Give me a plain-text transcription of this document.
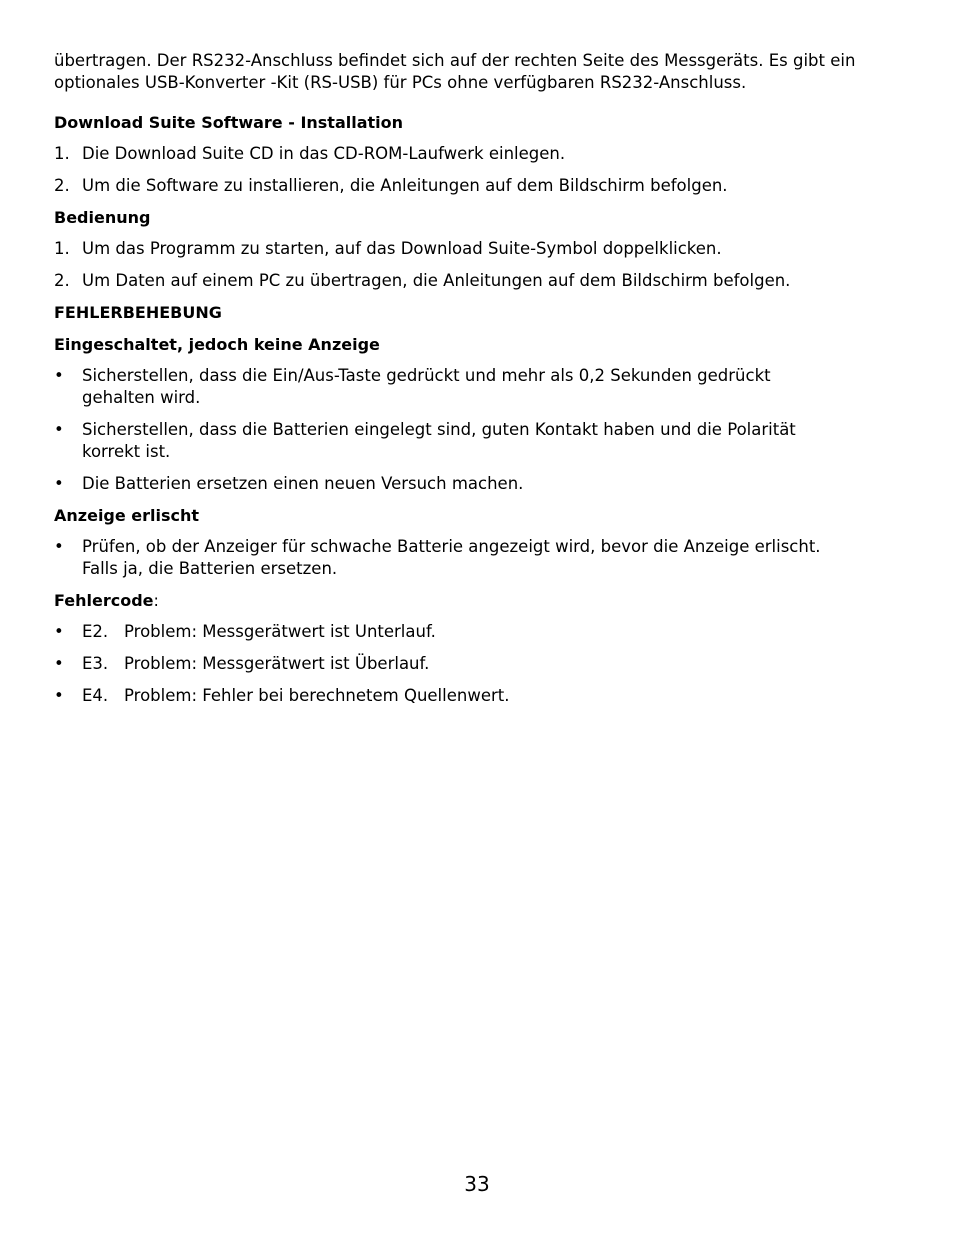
übertragen. Der RS232-Anschluss befindet sich auf der rechten Seite des Messgeräts. Es gibt ein
optionales USB-Konverter -Kit (RS-USB) für PCs ohne verfügbaren RS232-Anschluss.

Download Suite Software - Installation

1. Die Download Suite CD in das CD-ROM-Laufwerk einlegen.
2. Um die Software zu installieren, die Anleitungen auf dem Bildschirm befolgen.

Bedienung

1. Um das Programm zu starten, auf das Download Suite-Symbol doppelklicken.
2. Um Daten auf einem PC zu übertragen, die Anleitungen auf dem Bildschirm befolgen.

FEHLERBEHEBUNG

Eingeschaltet, jedoch keine Anzeige

•	Sicherstellen, dass die Ein/Aus-Taste gedrückt und mehr als 0,2 Sekunden gedrückt
gehalten wird.
•	Sicherstellen, dass die Batterien eingelegt sind, guten Kontakt haben und die Polarität
korrekt ist.
•	Die Batterien ersetzen einen neuen Versuch machen.

Anzeige erlischt

•	Prüfen, ob der Anzeiger für schwache Batterie angezeigt wird, bevor die Anzeige erlischt.
Falls ja, die Batterien ersetzen.

Fehlercode:

•	E2. Problem: Messgerätwert ist Unterlauf.
•	E3. Problem: Messgerätwert ist Überlauf.
•	E4. Problem: Fehler bei berechnetem Quellenwert.
33
